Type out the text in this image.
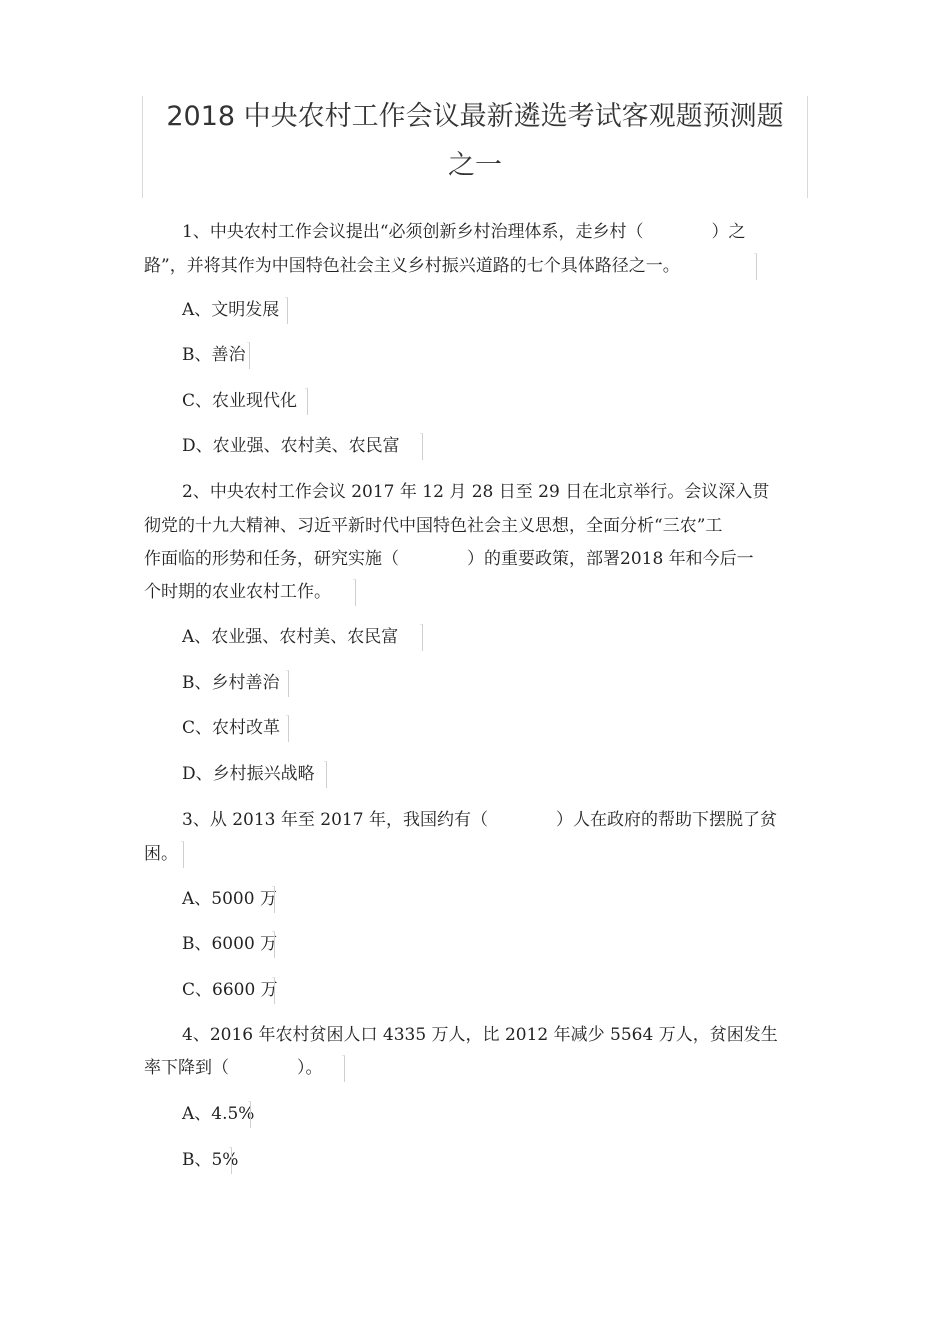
2018 中央农村工作会议最新遴选考试客观题预测题
之一
1、中央农村工作会议提出“必须创新乡村治理体系，走乡村（　　　　）之
路”，并将其作为中国特色社会主义乡村振兴道路的七个具体路径之一。
A、文明发展
B、善治
C、农业现代化
D、农业强、农村美、农民富
2、中央农村工作会议 2017 年 12 月 28 日至 29 日在北京举行。会议深入贯
彻党的十九大精神、习近平新时代中国特色社会主义思想，全面分析“三农”工
作面临的形势和任务，研究实施（　　　　）的重要政策，部署2018 年和今后一
个时期的农业农村工作。
A、农业强、农村美、农民富
B、乡村善治
C、农村改革
D、乡村振兴战略
3、从 2013 年至 2017 年，我国约有（　　　　）人在政府的帮助下摆脱了贫
困。
A、5000 万
B、6000 万
C、6600 万
4、2016 年农村贫困人口 4335 万人，比 2012 年减少 5564 万人，贫困发生
率下降到（　　　　）。
A、4.5%
B、5%
